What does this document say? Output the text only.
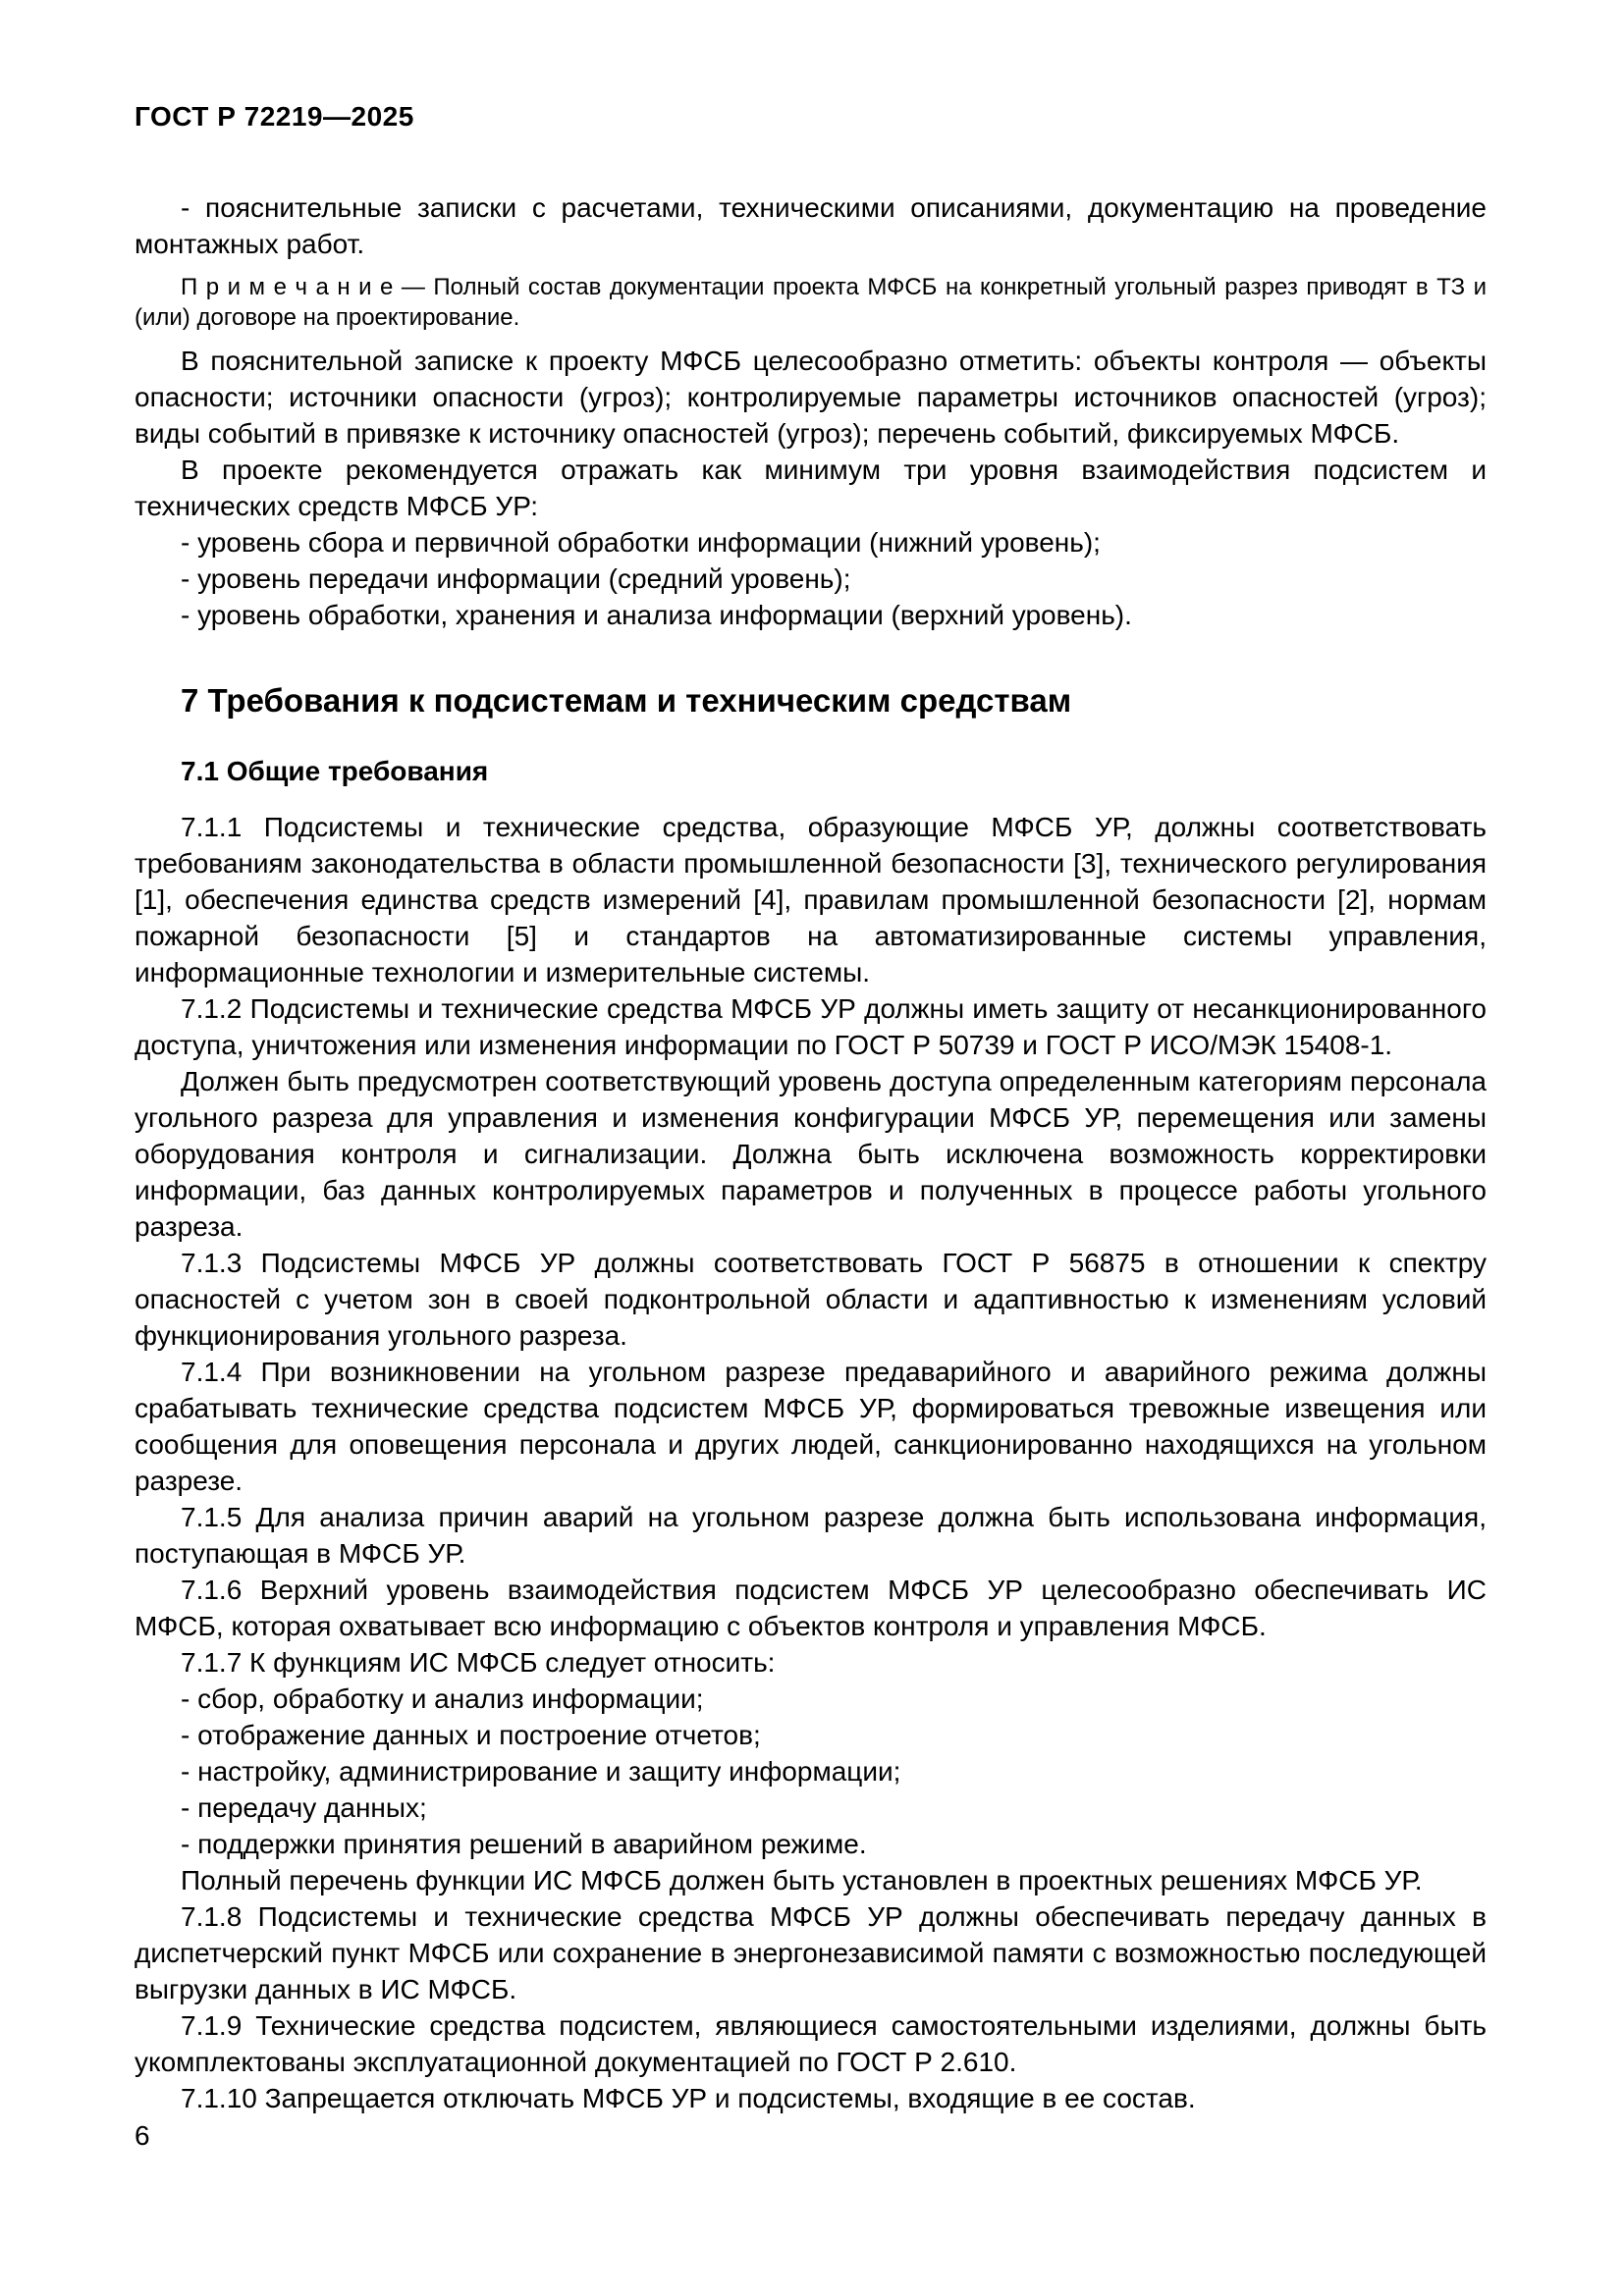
ГОСТ Р 72219—2025

- пояснительные записки с расчетами, техническими описаниями, документацию на проведение монтажных работ.

П р и м е ч а н и е — Полный состав документации проекта МФСБ на конкретный угольный разрез приводят в ТЗ и (или) договоре на проектирование.

В пояснительной записке к проекту МФСБ целесообразно отметить: объекты контроля — объекты опасности; источники опасности (угроз); контролируемые параметры источников опасностей (угроз); виды событий в привязке к источнику опасностей (угроз); перечень событий, фиксируемых МФСБ.

В проекте рекомендуется отражать как минимум три уровня взаимодействия подсистем и технических средств МФСБ УР:

- уровень сбора и первичной обработки информации (нижний уровень);

- уровень передачи информации (средний уровень);

- уровень обработки, хранения и анализа информации (верхний уровень).

7 Требования к подсистемам и техническим средствам
7.1 Общие требования

7.1.1 Подсистемы и технические средства, образующие МФСБ УР, должны соответствовать требованиям законодательства в области промышленной безопасности [3], технического регулирования [1], обеспечения единства средств измерений [4], правилам промышленной безопасности [2], нормам пожарной безопасности [5] и стандартов на автоматизированные системы управления, информационные технологии и измерительные системы.

7.1.2 Подсистемы и технические средства МФСБ УР должны иметь защиту от несанкционированного доступа, уничтожения или изменения информации по ГОСТ Р 50739 и ГОСТ Р ИСО/МЭК 15408-1.

Должен быть предусмотрен соответствующий уровень доступа определенным категориям персонала угольного разреза для управления и изменения конфигурации МФСБ УР, перемещения или замены оборудования контроля и сигнализации. Должна быть исключена возможность корректировки информации, баз данных контролируемых параметров и полученных в процессе работы угольного разреза.

7.1.3 Подсистемы МФСБ УР должны соответствовать ГОСТ Р 56875 в отношении к спектру опасностей с учетом зон в своей подконтрольной области и адаптивностью к изменениям условий функционирования угольного разреза.

7.1.4 При возникновении на угольном разрезе предаварийного и аварийного режима должны срабатывать технические средства подсистем МФСБ УР, формироваться тревожные извещения или сообщения для оповещения персонала и других людей, санкционированно находящихся на угольном разрезе.

7.1.5 Для анализа причин аварий на угольном разрезе должна быть использована информация, поступающая в МФСБ УР.

7.1.6 Верхний уровень взаимодействия подсистем МФСБ УР целесообразно обеспечивать ИС МФСБ, которая охватывает всю информацию с объектов контроля и управления МФСБ.

7.1.7 К функциям ИС МФСБ следует относить:

- сбор, обработку и анализ информации;

- отображение данных и построение отчетов;

- настройку, администрирование и защиту информации;

- передачу данных;

- поддержки принятия решений в аварийном режиме.

Полный перечень функции ИС МФСБ должен быть установлен в проектных решениях МФСБ УР.

7.1.8 Подсистемы и технические средства МФСБ УР должны обеспечивать передачу данных в диспетчерский пункт МФСБ или сохранение в энергонезависимой памяти с возможностью последующей выгрузки данных в ИС МФСБ.

7.1.9 Технические средства подсистем, являющиеся самостоятельными изделиями, должны быть укомплектованы эксплуатационной документацией по ГОСТ Р 2.610.

7.1.10 Запрещается отключать МФСБ УР и подсистемы, входящие в ее состав.

6
